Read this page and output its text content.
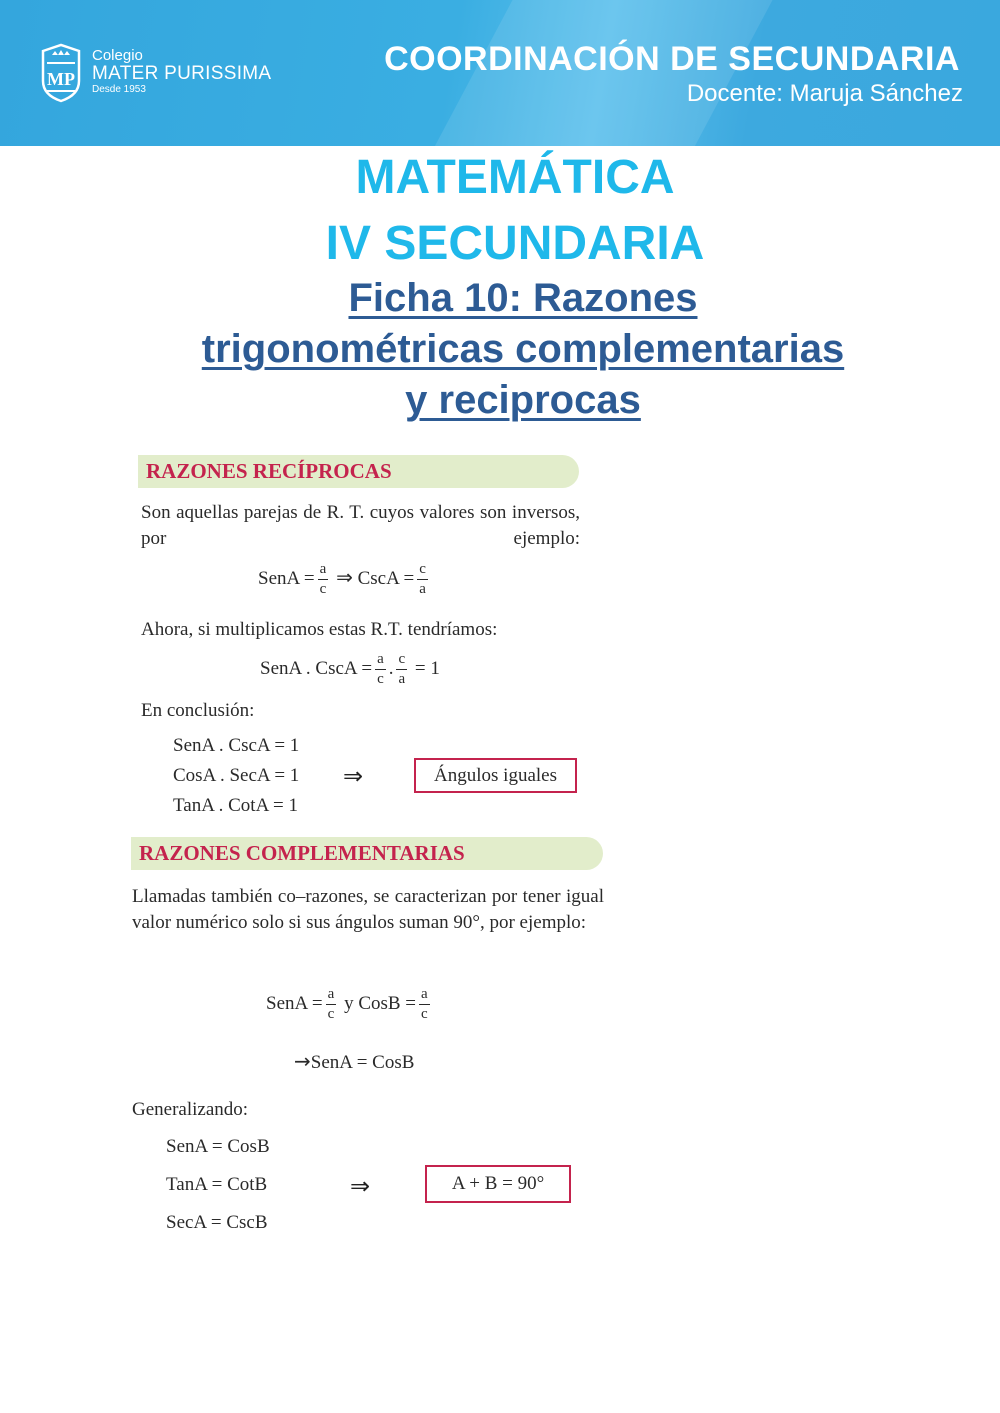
MP
Colegio
MATER PURISSIMA
Desde 1953
COORDINACIÓN DE SECUNDARIA
Docente: Maruja Sánchez
MATEMÁTICA
IV SECUNDARIA
Ficha 10: Razones
trigonométricas complementarias
y reciprocas
RAZONES RECÍPROCAS
Son aquellas parejas de R. T. cuyos valores son inversos, por ejemplo:
SenA = $\frac{a}{c}$ ⇒ CscA = $\frac{c}{a}$
Ahora, si multiplicamos estas R.T. tendríamos:
SenA . CscA = $\frac{a}{c}$ . $\frac{c}{a} = 1$
En conclusión:
SenA . CscA = 1
CosA . SecA = 1
TanA . CotA = 1
⇒	Ángulos iguales
RAZONES COMPLEMENTARIAS
Llamadas también co–razones, se caracterizan por tener igual valor numérico solo si sus ángulos suman 90°, por ejemplo:
SenA = $\frac{a}{c}$ y CosB = $\frac{a}{c}$
→SenA = CosB
Generalizando:
SenA = CosB
TanA = CotB
SecA = CscB
⇒	A + B = 90°
